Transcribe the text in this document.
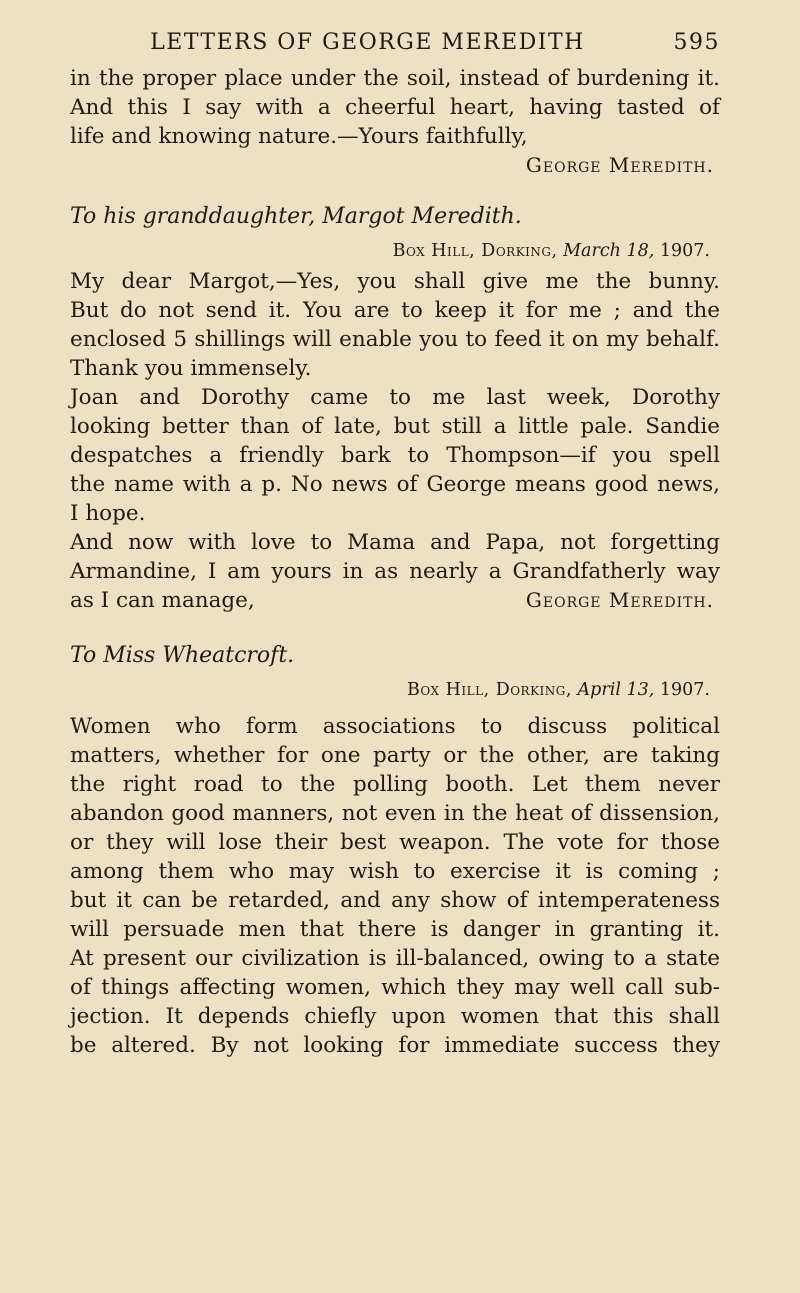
LETTERS OF GEORGE MEREDITH	595
in the proper place under the soil, instead of burdening it.
And this I say with a cheerful heart, having tasted of
life and knowing nature.—Yours faithfully,
George Meredith.
To his granddaughter, Margot Meredith.
Box Hill, Dorking, March 18, 1907.
My dear Margot,—Yes, you shall give me the bunny.
But do not send it. You are to keep it for me ; and the
enclosed 5 shillings will enable you to feed it on my behalf.
Thank you immensely.
Joan and Dorothy came to me last week, Dorothy
looking better than of late, but still a little pale. Sandie
despatches a friendly bark to Thompson—if you spell
the name with a p. No news of George means good news,
I hope.
And now with love to Mama and Papa, not forgetting
Armandine, I am yours in as nearly a Grandfatherly way
as I can manage,	George Meredith.
To Miss Wheatcroft.
Box Hill, Dorking, April 13, 1907.
Women who form associations to discuss political
matters, whether for one party or the other, are taking
the right road to the polling booth. Let them never
abandon good manners, not even in the heat of dissension,
or they will lose their best weapon. The vote for those
among them who may wish to exercise it is coming ;
but it can be retarded, and any show of intemperateness
will persuade men that there is danger in granting it.
At present our civilization is ill-balanced, owing to a state
of things affecting women, which they may well call sub-
jection. It depends chiefly upon women that this shall
be altered. By not looking for immediate success they
